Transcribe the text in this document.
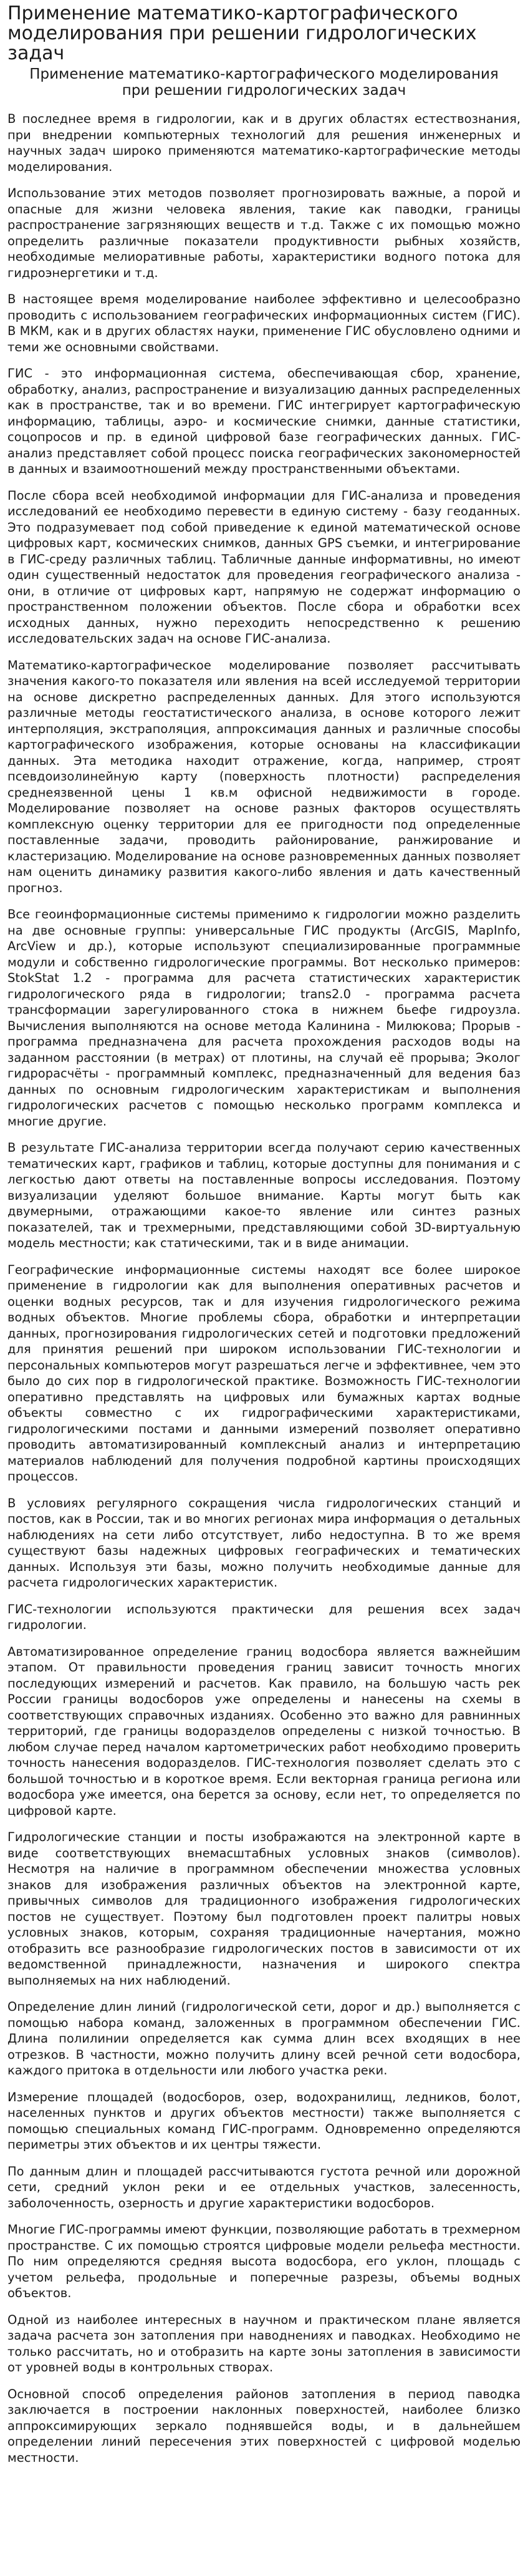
Применение математико-картографического моделирования при решении гидрологических задач
Применение математико-картографического моделирования при решении гидрологических задач

В последнее время в гидрологии, как и в других областях естествознания, при внедрении компьютерных технологий для решения инженерных и научных задач широко применяются математико-картографические методы моделирования.

Использование этих методов позволяет прогнозировать важные, а порой и опасные для жизни человека явления, такие как паводки, границы распространение загрязняющих веществ и т.д. Также с их помощью можно определить различные показатели продуктивности рыбных хозяйств, необходимые мелиоративные работы, характеристики водного потока для гидроэнергетики и т.д.

В настоящее время моделирование наиболее эффективно и целесообразно проводить с использованием географических информационных систем (ГИС). В МКМ, как и в других областях науки, применение ГИС обусловлено одними и теми же основными свойствами.

ГИС - это информационная система, обеспечивающая сбор, хранение, обработку, анализ, распространение и визуализацию данных распределенных как в пространстве, так и во времени. ГИС интегрирует картографическую информацию, таблицы, аэро- и космические снимки, данные статистики, соцопросов и пр. в единой цифровой базе географических данных. ГИС-анализ представляет собой процесс поиска географических закономерностей в данных и взаимоотношений между пространственными объектами.

После сбора всей необходимой информации для ГИС-анализа и проведения исследований ее необходимо перевести в единую систему - базу геоданных. Это подразумевает под собой приведение к единой математической основе цифровых карт, космических снимков, данных GPS съемки, и интегрирование в ГИС-среду различных таблиц. Табличные данные информативны, но имеют один существенный недостаток для проведения географического анализа - они, в отличие от цифровых карт, напрямую не содержат информацию о пространственном положении объектов. После сбора и обработки всех исходных данных, нужно переходить непосредственно к решению исследовательских задач на основе ГИС-анализа.

Математико-картографическое моделирование позволяет рассчитывать значения какого-то показателя или явления на всей исследуемой территории на основе дискретно распределенных данных. Для этого используются различные методы геостатистического анализа, в основе которого лежит интерполяция, экстраполяция, аппроксимация данных и различные способы картографического изображения, которые основаны на классификации данных. Эта методика находит отражение, когда, например, строят псевдоизолинейную карту (поверхность плотности) распределения среднеязвенной цены 1 кв.м офисной недвижимости в городе. Моделирование позволяет на основе разных факторов осуществлять комплексную оценку территории для ее пригодности под определенные поставленные задачи, проводить районирование, ранжирование и кластеризацию. Моделирование на основе разновременных данных позволяет нам оценить динамику развития какого-либо явления и дать качественный прогноз.

Все геоинформационные системы применимо к гидрологии можно разделить на две основные группы: универсальные ГИС продукты (ArcGIS, MapInfo, ArcView и др.), которые используют специализированные программные модули и собственно гидрологические программы. Вот несколько примеров: StokStat 1.2 - программа для расчета статистических характеристик гидрологического ряда в гидрологии; trans2.0 - программа расчета трансформации зарегулированного стока в нижнем бьефе гидроузла. Вычисления выполняются на основе метода Калинина - Милюкова; Прорыв - программа предназначена для расчета прохождения расходов воды на заданном расстоянии (в метрах) от плотины, на случай её прорыва; Эколог гидрорасчёты - программный комплекс, предназначенный для ведения баз данных по основным гидрологическим характеристикам и выполнения гидрологических расчетов с помощью несколько программ комплекса и многие другие.

В результате ГИС-анализа территории всегда получают серию качественных тематических карт, графиков и таблиц, которые доступны для понимания и с легкостью дают ответы на поставленные вопросы исследования. Поэтому визуализации уделяют большое внимание. Карты могут быть как двумерными, отражающими какое-то явление или синтез разных показателей, так и трехмерными, представляющими собой 3D-виртуальную модель местности; как статическими, так и в виде анимации.

Географические информационные системы находят все более широкое применение в гидрологии как для выполнения оперативных расчетов и оценки водных ресурсов, так и для изучения гидрологического режима водных объектов. Многие проблемы сбора, обработки и интерпретации данных, прогнозирования гидрологических сетей и подготовки предложений для принятия решений при широком использовании ГИС-технологии и персональных компьютеров могут разрешаться легче и эффективнее, чем это было до сих пор в гидрологической практике. Возможность ГИС-технологии оперативно представлять на цифровых или бумажных картах водные объекты совместно с их гидрографическими характеристиками, гидрологическими постами и данными измерений позволяет оперативно проводить автоматизированный комплексный анализ и интерпретацию материалов наблюдений для получения подробной картины происходящих процессов.

В условиях регулярного сокращения числа гидрологических станций и постов, как в России, так и во многих регионах мира информация о детальных наблюдениях на сети либо отсутствует, либо недоступна. В то же время существуют базы надежных цифровых географических и тематических данных. Используя эти базы, можно получить необходимые данные для расчета гидрологических характеристик.

ГИС-технологии используются практически для решения всех задач гидрологии.

Автоматизированное определение границ водосбора является важнейшим этапом. От правильности проведения границ зависит точность многих последующих измерений и расчетов. Как правило, на большую часть рек России границы водосборов уже определены и нанесены на схемы в соответствующих справочных изданиях. Особенно это важно для равнинных территорий, где границы водоразделов определены с низкой точностью. В любом случае перед началом картометрических работ необходимо проверить точность нанесения водоразделов. ГИС-технология позволяет сделать это с большой точностью и в короткое время. Если векторная граница региона или водосбора уже имеется, она берется за основу, если нет, то определяется по цифровой карте.

Гидрологические станции и посты изображаются на электронной карте в виде соответствующих внемасштабных условных знаков (символов). Несмотря на наличие в программном обеспечении множества условных знаков для изображения различных объектов на электронной карте, привычных символов для традиционного изображения гидрологических постов не существует. Поэтому был подготовлен проект палитры новых условных знаков, которым, сохраняя традиционные начертания, можно отобразить все разнообразие гидрологических постов в зависимости от их ведомственной принадлежности, назначения и широкого спектра выполняемых на них наблюдений.

Определение длин линий (гидрологической сети, дорог и др.) выполняется с помощью набора команд, заложенных в программном обеспечении ГИС. Длина полилинии определяется как сумма длин всех входящих в нее отрезков. В частности, можно получить длину всей речной сети водосбора, каждого притока в отдельности или любого участка реки.

Измерение площадей (водосборов, озер, водохранилищ, ледников, болот, населенных пунктов и других объектов местности) также выполняется с помощью специальных команд ГИС-программ. Одновременно определяются периметры этих объектов и их центры тяжести.

По данным длин и площадей рассчитываются густота речной или дорожной сети, средний уклон реки и ее отдельных участков, залесенность, заболоченность, озерность и другие характеристики водосборов.

Многие ГИС-программы имеют функции, позволяющие работать в трехмерном пространстве. С их помощью строятся цифровые модели рельефа местности. По ним определяются средняя высота водосбора, его уклон, площадь с учетом рельефа, продольные и поперечные разрезы, объемы водных объектов.

Одной из наиболее интересных в научном и практическом плане является задача расчета зон затопления при наводнениях и паводках. Необходимо не только рассчитать, но и отобразить на карте зоны затопления в зависимости от уровней воды в контрольных створах.

Основной способ определения районов затопления в период паводка заключается в построении наклонных поверхностей, наиболее близко аппроксимирующих зеркало поднявшейся воды, и в дальнейшем определении линий пересечения этих поверхностей с цифровой моделью местности.
